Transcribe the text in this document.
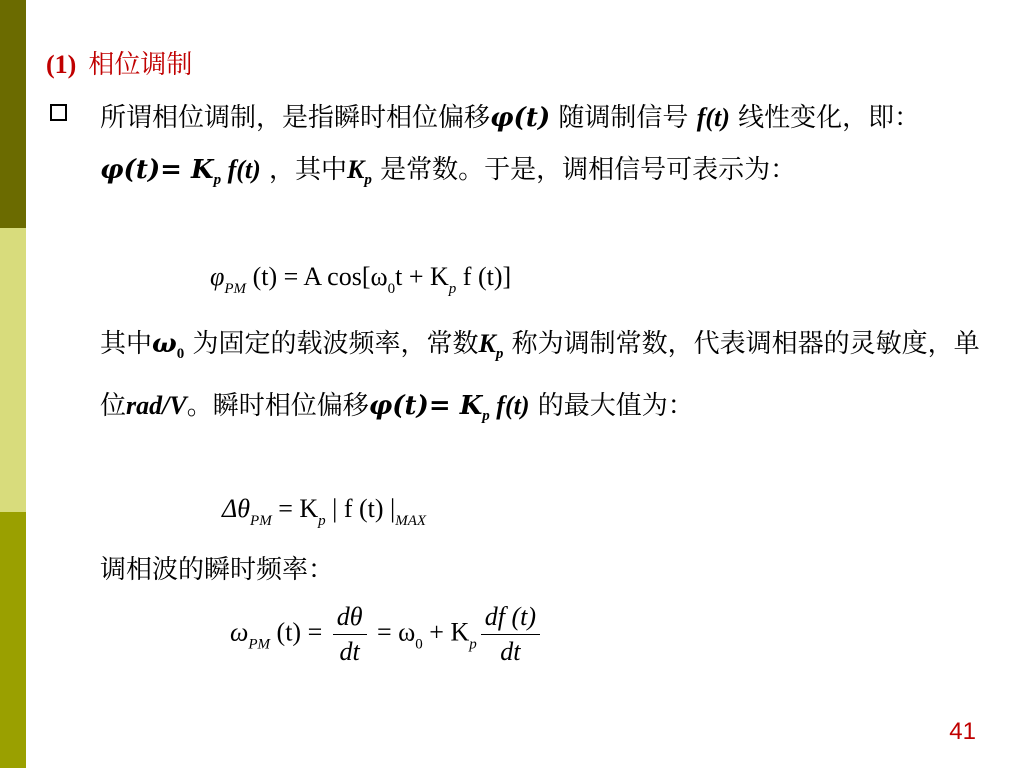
(1) 相位调制
所谓相位调制，是指瞬时相位偏移φ(t) 随调制信号 f(t) 线性变化，即： $\varphi(t)= K_p$ f(t) ，其中$K_p$ 是常数。于是，调相信号可表示为：
$\varphi_{PM}$ (t) = A $\cos[\omega_0t + K_p$ f (t)]
其中$\omega_0$ 为固定的载波频率，常数$K_p$ 称为调制常数，代表调相器的灵敏度，单位rad/V。瞬时相位偏移$\varphi(t)= K_p$ f(t) 的最大值为：
$\Delta\theta_{PM} = K_p$ | f (t) $|_{MAX}$
调相波的瞬时频率：
$\omega_{PM}$ $(t) = \frac{d\theta}{dt} = \omega_0 + K_p \frac{df (t)}{dt}$
41
